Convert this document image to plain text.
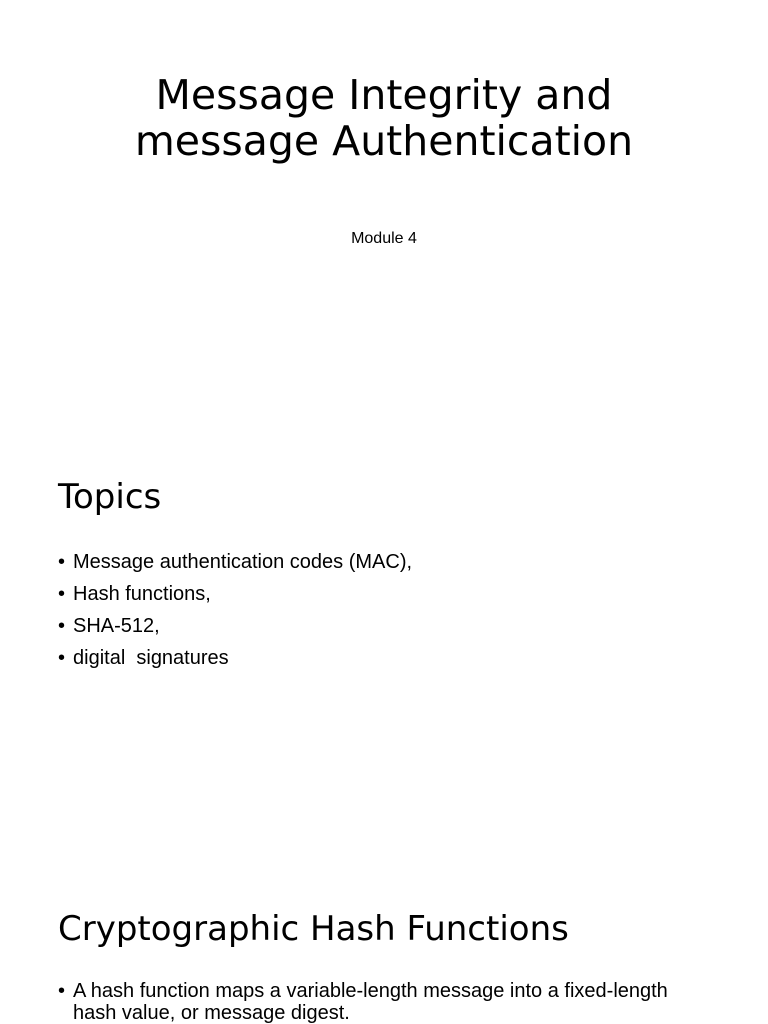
Message Integrity and
message Authentication
Module 4
Topics
• Message authentication codes (MAC),
• Hash functions,
• SHA-512,
• digital  signatures
Cryptographic Hash Functions
• A hash function maps a variable-length message into a fixed-length hash value, or message digest.
